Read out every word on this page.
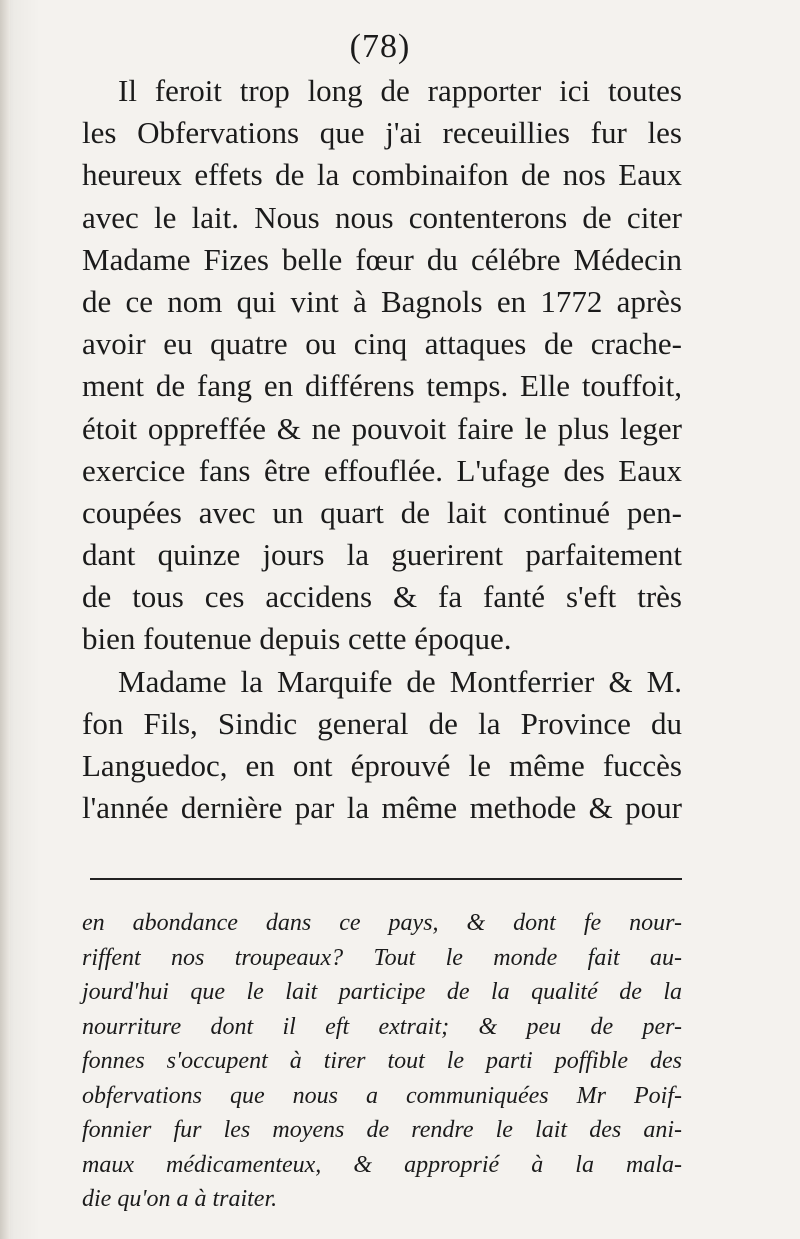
(78)
Il feroit trop long de rapporter ici toutes
les Obfervations que j'ai receuillies fur les
heureux effets de la combinaifon de nos Eaux
avec le lait. Nous nous contenterons de citer
Madame Fizes belle fœur du célébre Médecin
de ce nom qui vint à Bagnols en 1772 après
avoir eu quatre ou cinq attaques de crache-
ment de fang en différens temps. Elle touffoit,
étoit oppreffée & ne pouvoit faire le plus leger
exercice fans être effouflée. L'ufage des Eaux
coupées avec un quart de lait continué pen-
dant quinze jours la guerirent parfaitement
de tous ces accidens & fa fanté s'eft très
bien foutenue depuis cette époque.
Madame la Marquife de Montferrier & M.
fon Fils, Sindic general de la Province du
Languedoc, en ont éprouvé le même fuccès
l'année dernière par la même methode & pour
en abondance dans ce pays, & dont fe nour-
riffent nos troupeaux? Tout le monde fait au-
jourd'hui que le lait participe de la qualité de la
nourriture dont il eft extrait; & peu de per-
fonnes s'occupent à tirer tout le parti poffible des
obfervations que nous a communiquées Mr Poif-
fonnier fur les moyens de rendre le lait des ani-
maux médicamenteux, & approprié à la mala-
die qu'on a à traiter.
